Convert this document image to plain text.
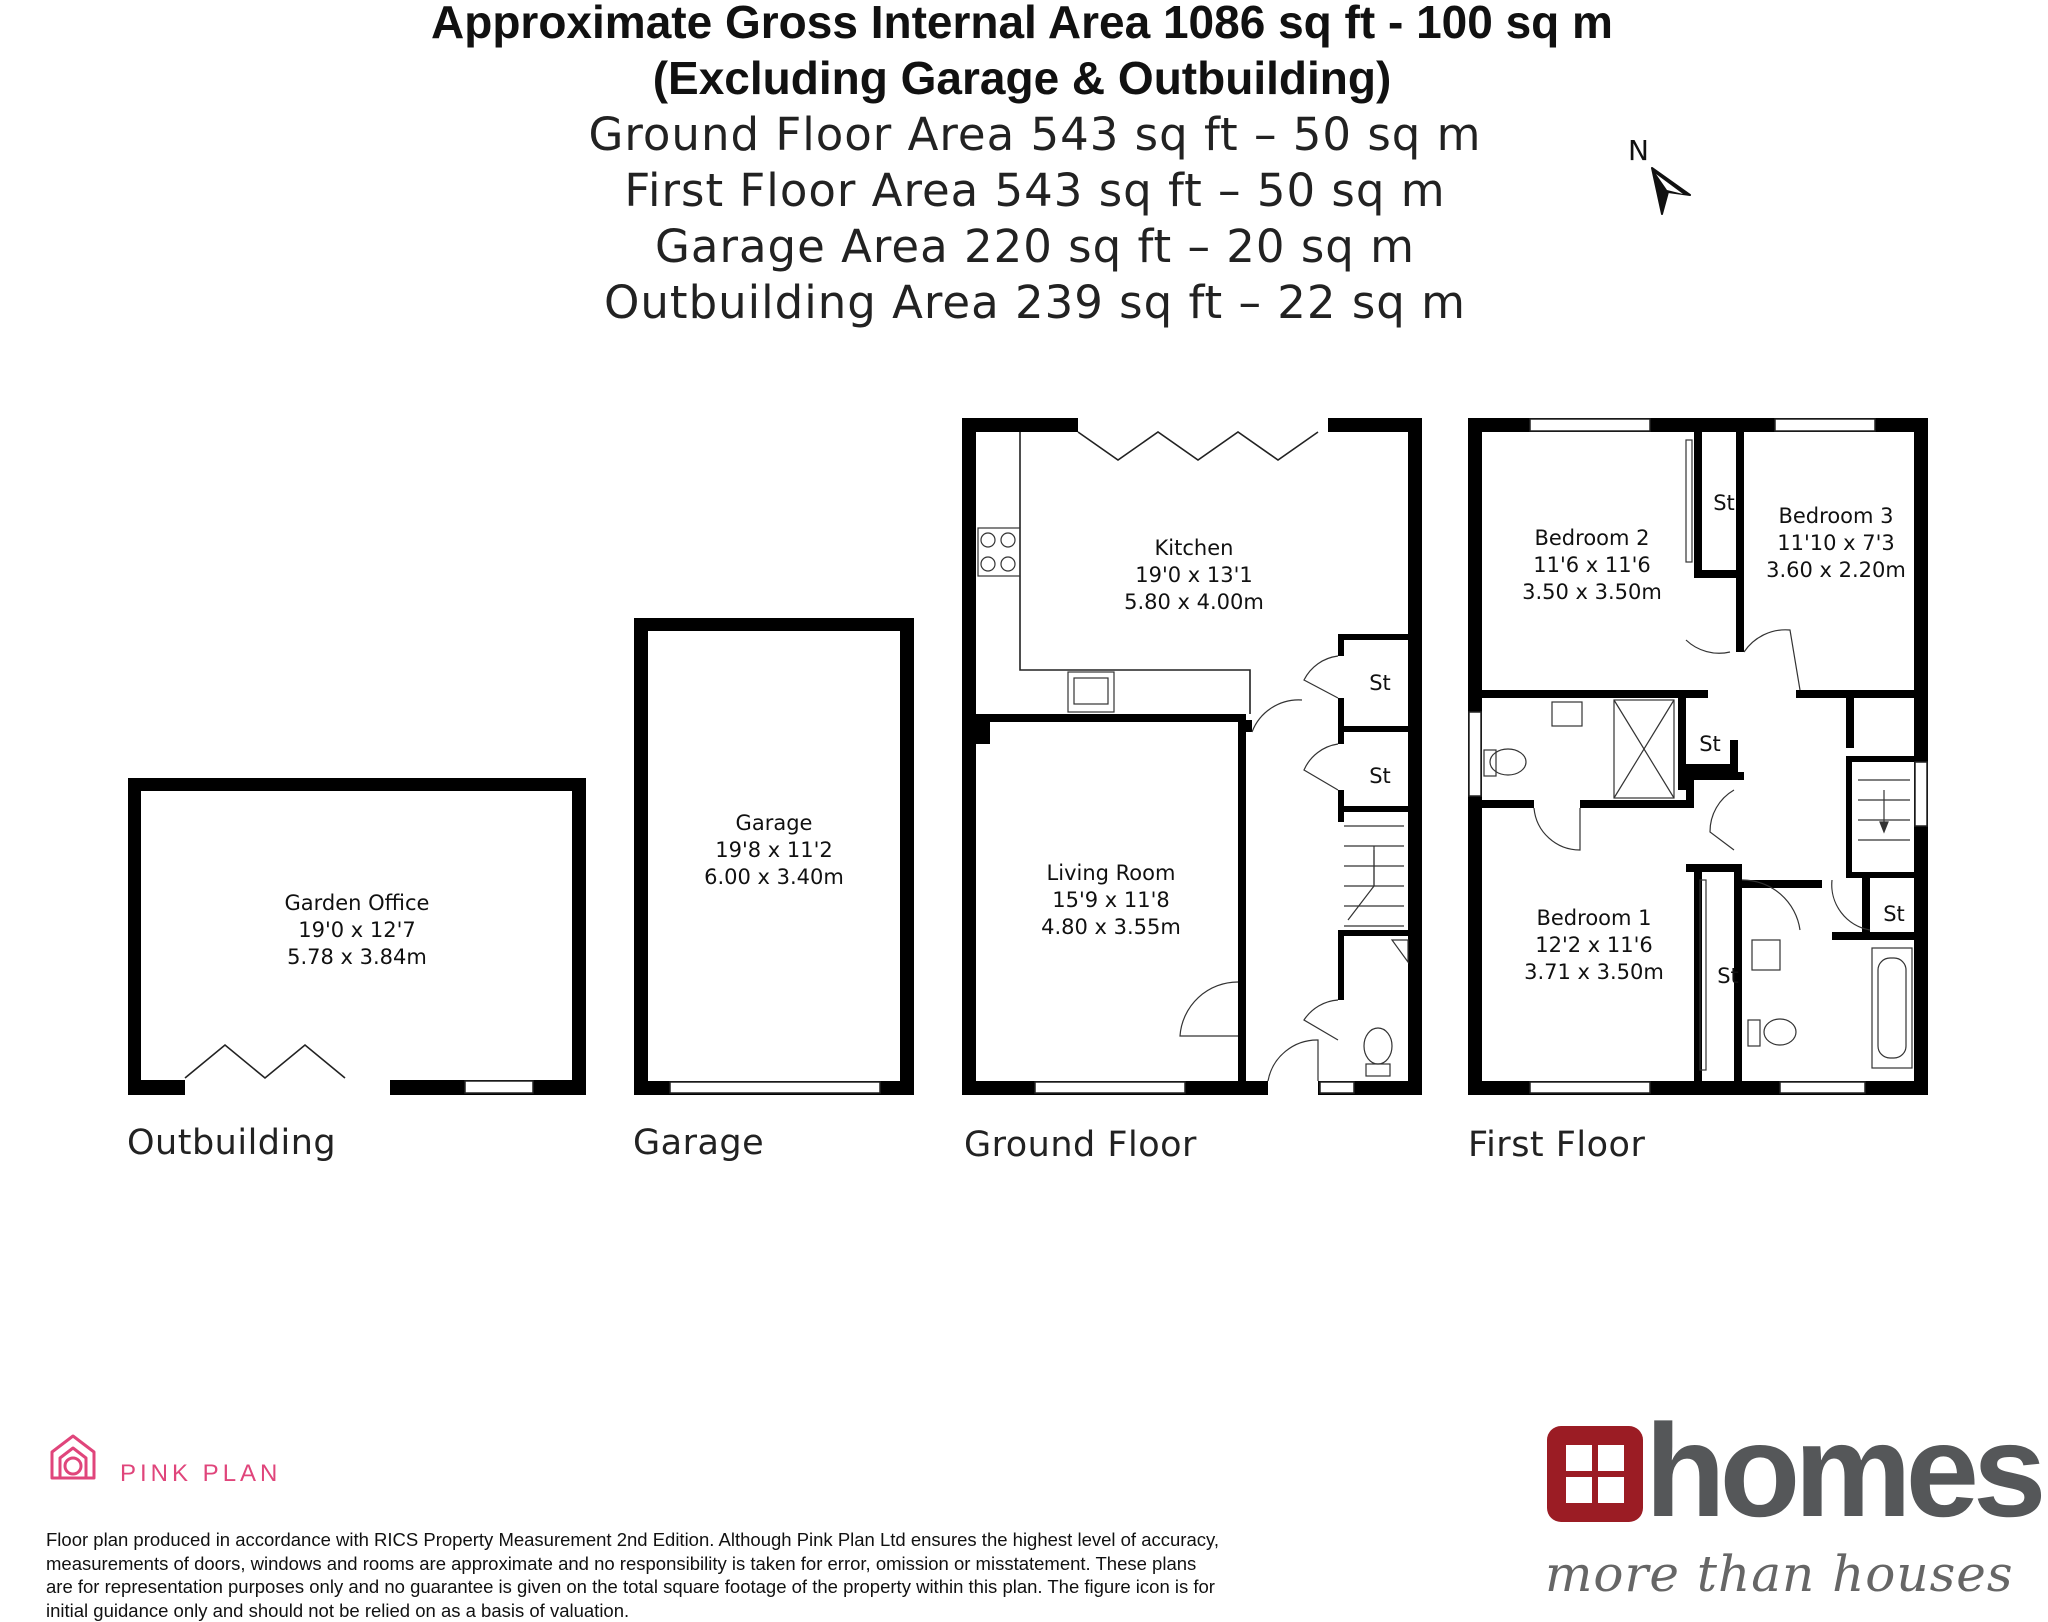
Approximate Gross Internal Area 1086 sq ft - 100 sq m
(Excluding Garage & Outbuilding)
Ground Floor Area 543 sq ft – 50 sq m
First Floor Area 543 sq ft – 50 sq m
Garage Area 220 sq ft – 20 sq m
Outbuilding Area 239 sq ft – 22 sq m
N
Garden Office
19'0 x 12'7
5.78 x 3.84m
Garage
19'8 x 11'2
6.00 x 3.40m
Kitchen
19'0 x 13'1
5.80 x 4.00m
Living Room
15'9 x 11'8
4.80 x 3.55m
Bedroom 2
11'6 x 11'6
3.50 x 3.50m
Bedroom 3
11'10 x 7'3
3.60 x 2.20m
Bedroom 1
12'2 x 11'6
3.71 x 3.50m
St
St
St
St
St
St
Outbuilding	Garage	Ground Floor	First Floor
PINK PLAN
Floor plan produced in accordance with RICS Property Measurement 2nd Edition. Although Pink Plan Ltd ensures the highest level of accuracy, measurements of doors, windows and rooms are approximate and no responsibility is taken for error, omission or misstatement. These plans are for representation purposes only and no guarantee is given on the total square footage of the property within this plan. The figure icon is for initial guidance only and should not be relied on as a basis of valuation.
homes
more than houses
